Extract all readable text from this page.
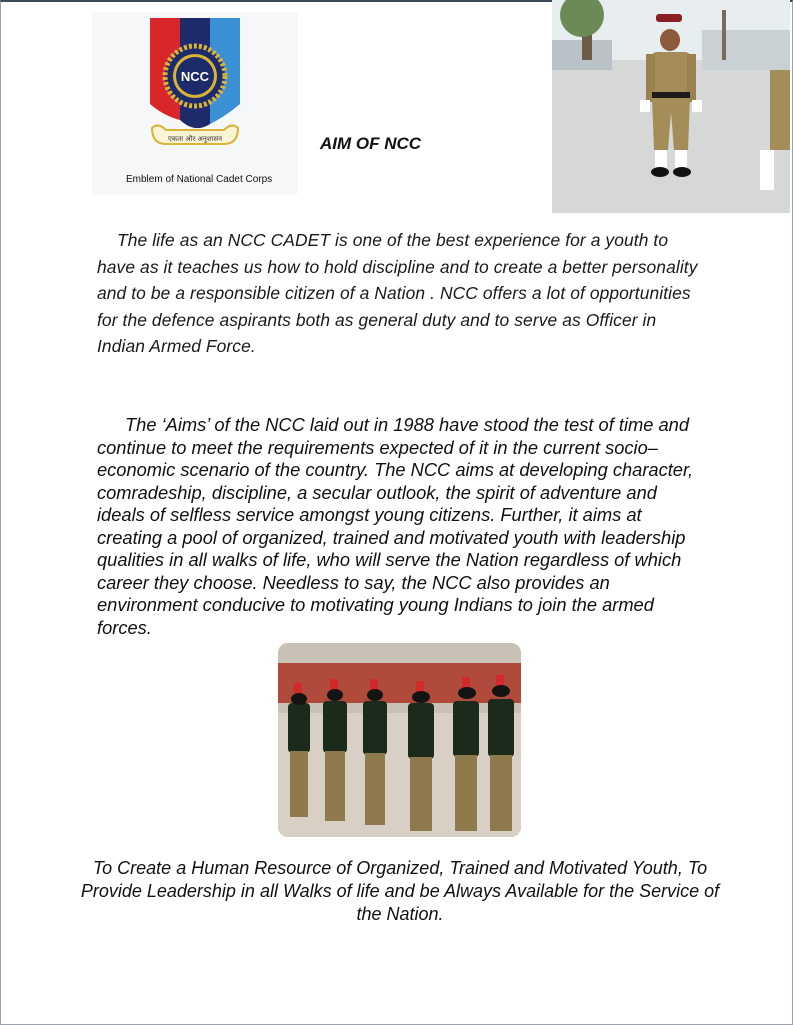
NCC
एकता और अनुशासन
Emblem of National Cadet Corps
AIM OF NCC

The life as an NCC CADET is one of the best experience for a youth to have as it teaches us how to hold discipline and to create a better personality and to be a responsible citizen of a Nation . NCC offers a lot of opportunities for the defence aspirants both as general duty and to serve as Officer in Indian Armed Force.

The ‘Aims’ of the NCC laid out in 1988 have stood the test of time and continue to meet the requirements expected of it in the current socio–economic scenario of the country. The NCC aims at developing character, comradeship, discipline, a secular outlook, the spirit of adventure and ideals of selfless service amongst young citizens. Further, it aims at creating a pool of organized, trained and motivated youth with leadership qualities in all walks of life, who will serve the Nation regardless of which career they choose. Needless to say, the NCC also provides an environment conducive to motivating young Indians to join the armed forces.

To Create a Human Resource of Organized, Trained and Motivated Youth, To Provide Leadership in all Walks of life and be Always Available for the Service of the Nation.
